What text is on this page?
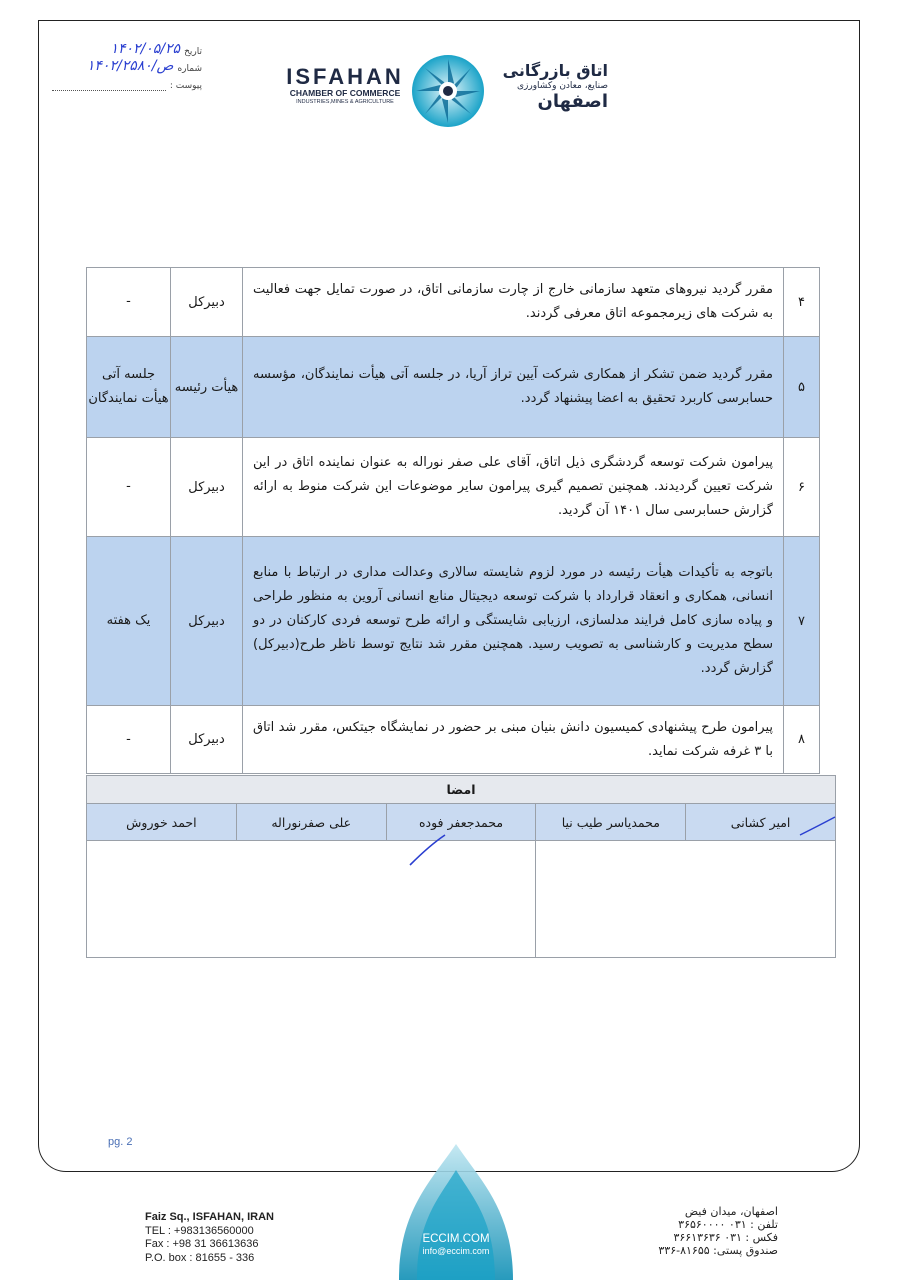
تاریخ
۱۴۰۲/۰۵/۲۵
شماره
۱۴۰۲/ص/۲۵۸۰
پیوست :	ISFAHAN
CHAMBER OF COMMERCE
INDUSTRIES,MINES & AGRICULTURE
اتاق بازرگانی
صنایع، معادن وکشاورزی
اصفهان
۴	مقرر گردید نیروهای متعهد سازمانی خارج از چارت سازمانی اتاق، در صورت تمایل جهت فعالیت به شرکت های زیرمجموعه اتاق معرفی گردند.	دبیرکل	-
۵	مقرر گردید ضمن تشکر از همکاری شرکت آیین تراز آریا، در جلسه آتی هیأت نمایندگان، مؤسسه حسابرسی کاربرد تحقیق به اعضا پیشنهاد گردد.	هیأت رئیسه	جلسه آتی هیأت نمایندگان
۶	پیرامون شرکت توسعه گردشگری ذیل اتاق، آقای علی صفر نوراله به عنوان نماینده اتاق در این شرکت تعیین گردیدند. همچنین تصمیم گیری پیرامون سایر موضوعات این شرکت منوط به ارائه گزارش حسابرسی سال ۱۴۰۱ آن گردید.	دبیرکل	-
۷	باتوجه به تأکیدات هیأت رئیسه در مورد لزوم شایسته سالاری وعدالت مداری در ارتباط با منابع انسانی، همکاری و انعقاد قرارداد با شرکت توسعه دیجیتال منابع انسانی آروین به منظور طراحی و پیاده سازی کامل فرایند مدلسازی، ارزیابی شایستگی و ارائه طرح توسعه فردی کارکنان در دو سطح مدیریت و کارشناسی به تصویب رسید. همچنین مقرر شد نتایج توسط ناظر طرح(دبیرکل) گزارش گردد.	دبیرکل	یک هفته
۸	پیرامون طرح پیشنهادی کمیسیون دانش بنیان مبنی بر حضور در نمایشگاه جیتکس، مقرر شد اتاق با ۳ غرفه شرکت نماید.	دبیرکل	-
امضا				
امیر کشانی	محمدیاسر طیب نیا	محمدجعفر فوده	علی صفرنوراله	احمد خوروش

pg. 2
Faiz Sq., ISFAHAN, IRAN
TEL : +983136560000
Fax : +98 31 36613636
P.O. box : 81655 - 336
ECCIM.COM
info@eccim.com
اصفهان، میدان فیض
تلفن : ۰۳۱ ۳۶۵۶۰۰۰۰
فکس : ۰۳۱ ۳۶۶۱۳۶۳۶
صندوق پستی: ۸۱۶۵۵-۳۳۶
